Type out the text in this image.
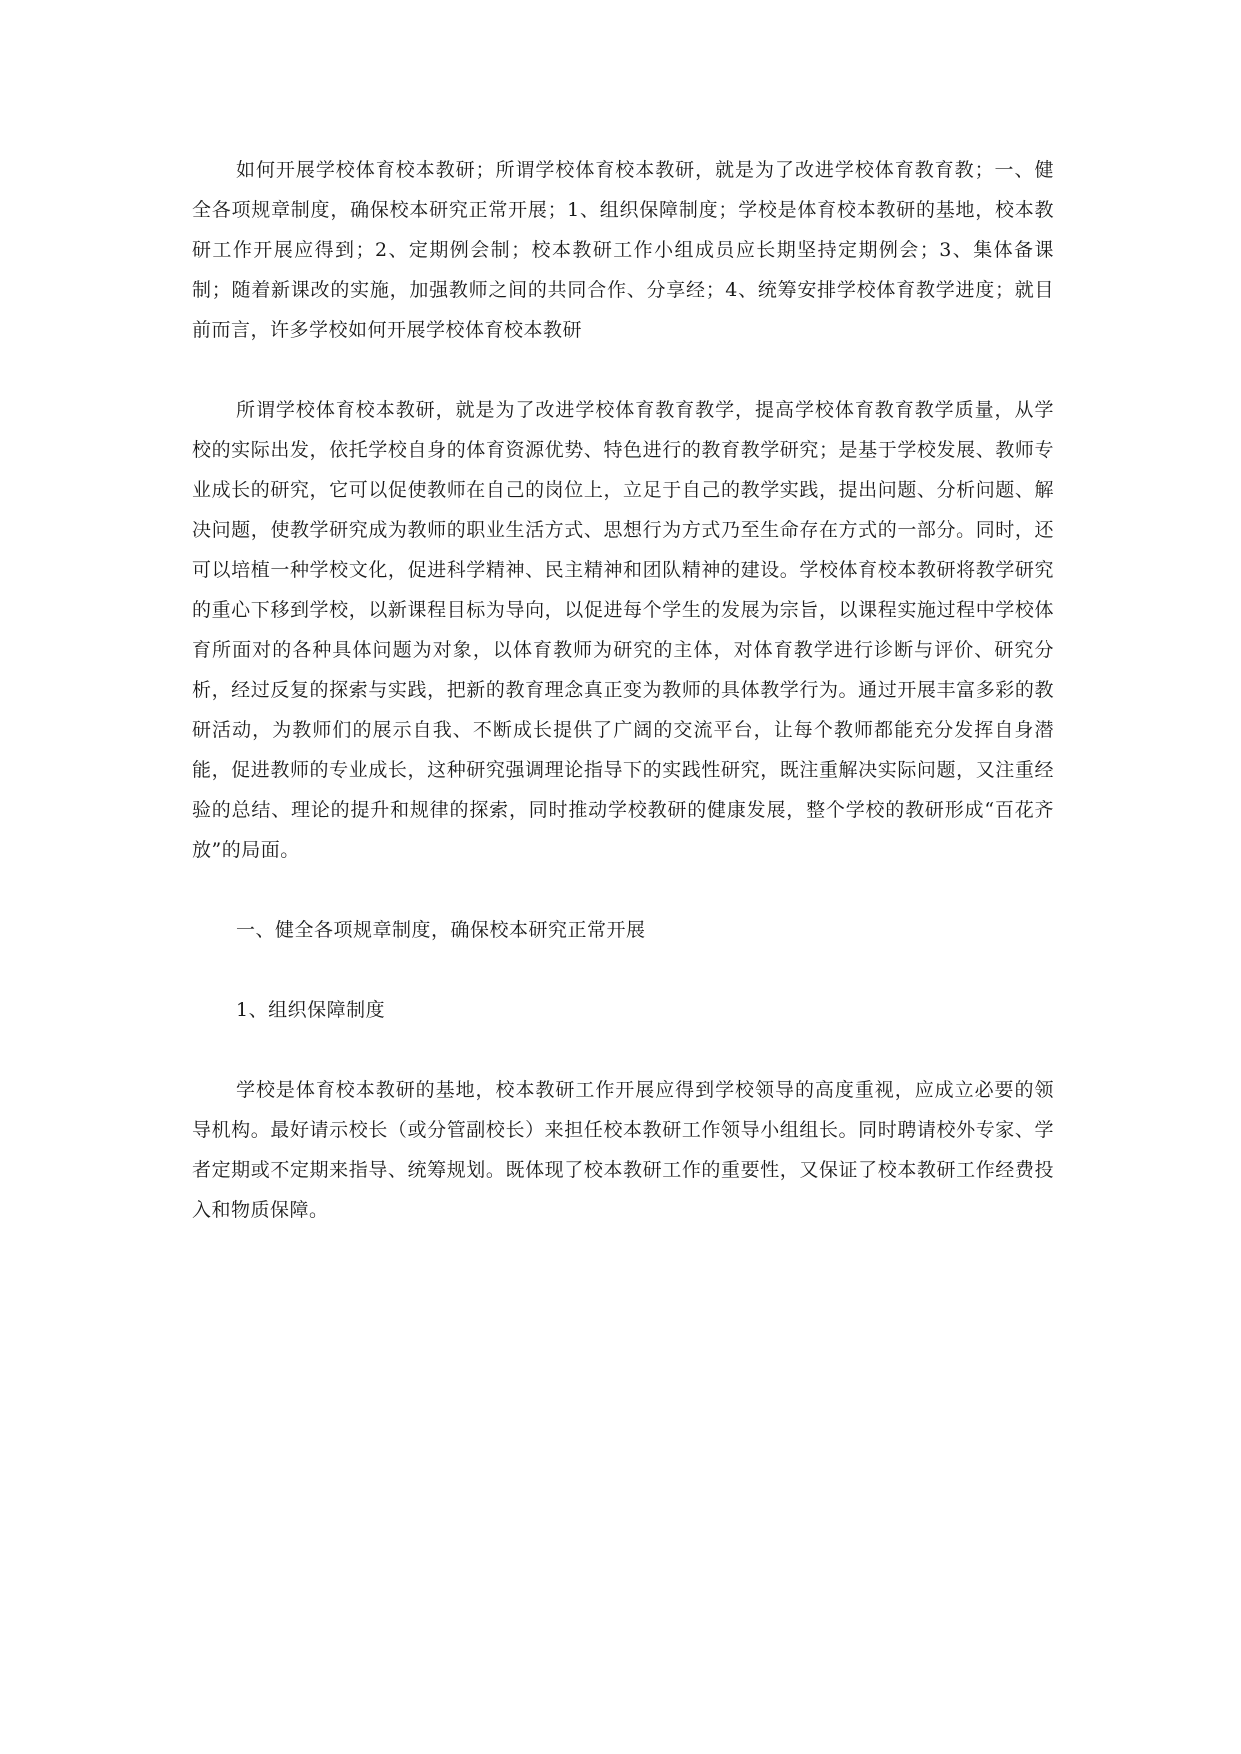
如何开展学校体育校本教研；所谓学校体育校本教研，就是为了改进学校体育教育教；一、健全各项规章制度，确保校本研究正常开展；1、组织保障制度；学校是体育校本教研的基地，校本教研工作开展应得到；2、定期例会制；校本教研工作小组成员应长期坚持定期例会；3、集体备课制；随着新课改的实施，加强教师之间的共同合作、分享经；4、统筹安排学校体育教学进度；就目前而言，许多学校如何开展学校体育校本教研

所谓学校体育校本教研，就是为了改进学校体育教育教学，提高学校体育教育教学质量，从学校的实际出发，依托学校自身的体育资源优势、特色进行的教育教学研究；是基于学校发展、教师专业成长的研究，它可以促使教师在自己的岗位上，立足于自己的教学实践，提出问题、分析问题、解决问题，使教学研究成为教师的职业生活方式、思想行为方式乃至生命存在方式的一部分。同时，还可以培植一种学校文化，促进科学精神、民主精神和团队精神的建设。学校体育校本教研将教学研究的重心下移到学校，以新课程目标为导向，以促进每个学生的发展为宗旨，以课程实施过程中学校体育所面对的各种具体问题为对象，以体育教师为研究的主体，对体育教学进行诊断与评价、研究分析，经过反复的探索与实践，把新的教育理念真正变为教师的具体教学行为。通过开展丰富多彩的教研活动，为教师们的展示自我、不断成长提供了广阔的交流平台，让每个教师都能充分发挥自身潜能，促进教师的专业成长，这种研究强调理论指导下的实践性研究，既注重解决实际问题，又注重经验的总结、理论的提升和规律的探索，同时推动学校教研的健康发展，整个学校的教研形成“百花齐放”的局面。

一、健全各项规章制度，确保校本研究正常开展

1、组织保障制度

学校是体育校本教研的基地，校本教研工作开展应得到学校领导的高度重视，应成立必要的领导机构。最好请示校长（或分管副校长）来担任校本教研工作领导小组组长。同时聘请校外专家、学者定期或不定期来指导、统筹规划。既体现了校本教研工作的重要性，又保证了校本教研工作经费投入和物质保障。
